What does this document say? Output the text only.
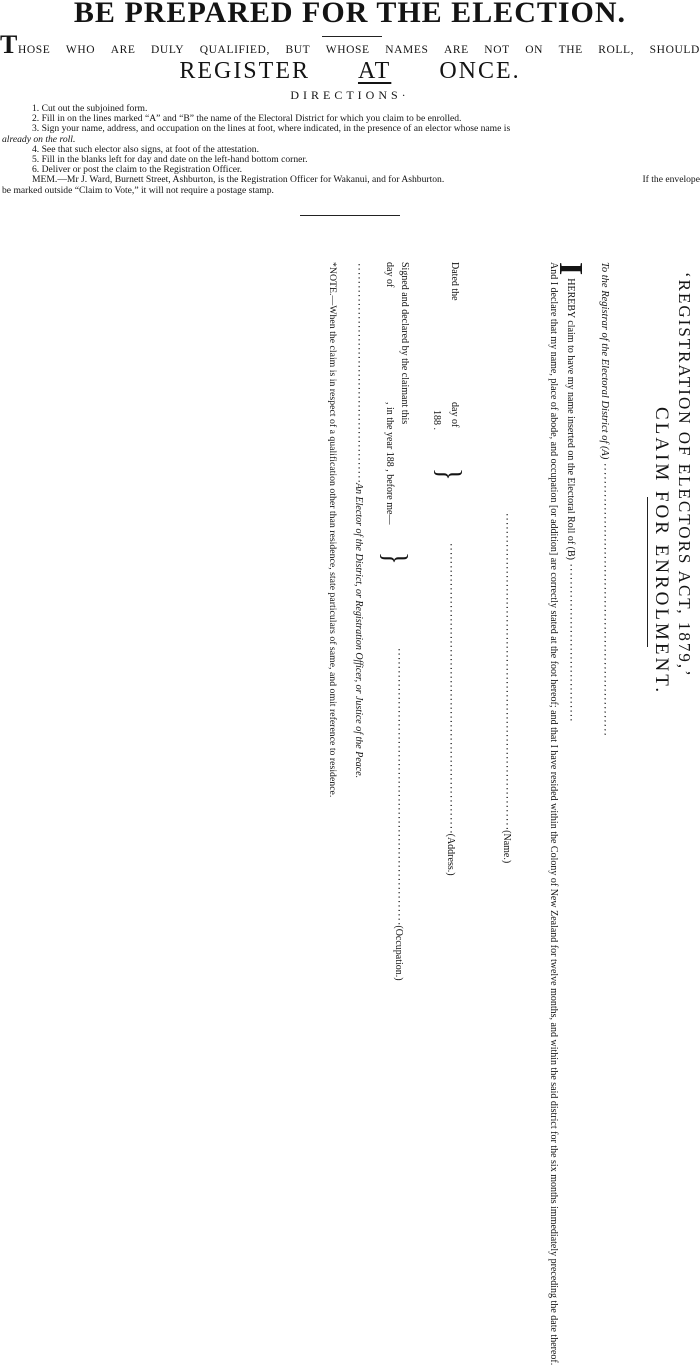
BE PREPARED FOR THE ELECTION.
T HOSE WHO ARE DULY QUALIFIED, BUT WHOSE NAMES ARE NOT ON THE ROLL, SHOULD
REGISTER AT ONCE.
DIRECTIONS·
1. Cut out the subjoined form.
2. Fill in on the lines marked “A” and “B” the name of the Electoral District for which you claim to be enrolled.
3. Sign your name, address, and occupation on the lines at foot, where indicated, in the presence of an elector whose name is
already on the roll.
4. See that such elector also signs, at foot of the attestation.
5. Fill in the blanks left for day and date on the left-hand bottom corner.
6. Deliver or post the claim to the Registration Officer.
MEM.—Mr J. Ward, Burnett Street, Ashburton, is the Registration Officer for Wakanui, and for Ashburton.	If the envelope
be marked outside “Claim to Vote,” it will not require a postage stamp.
‘REGISTRATION OF ELECTORS ACT, 1879,’
CLAIM FOR ENROLMENT.
To the Registrar of the Electoral District of (A) ······························································
IHEREBY claim to have my name inserted on the Electoral Roll of (B) ····································
And I declare that my name, place of abode, and occupation [or addition] are correctly stated at the foot hereof; and that I have resided within the Colony of New Zealand for twelve months, and within the said district for the six months immediately preceding the date thereof.
········································································(Name.)
Dated the
day of
188 .
}
··································································(Address.)
Signed and declared by the claimant this
day of
, in the year 188 , before me—
}
·······························································(Occupation.)
··················································An Elector of the District, or Registration Officer, or Justice of the Peace.
*NOTE.—When the claim is in respect of a qualification other than residence, state particulars of same, and omit reference to residence.
